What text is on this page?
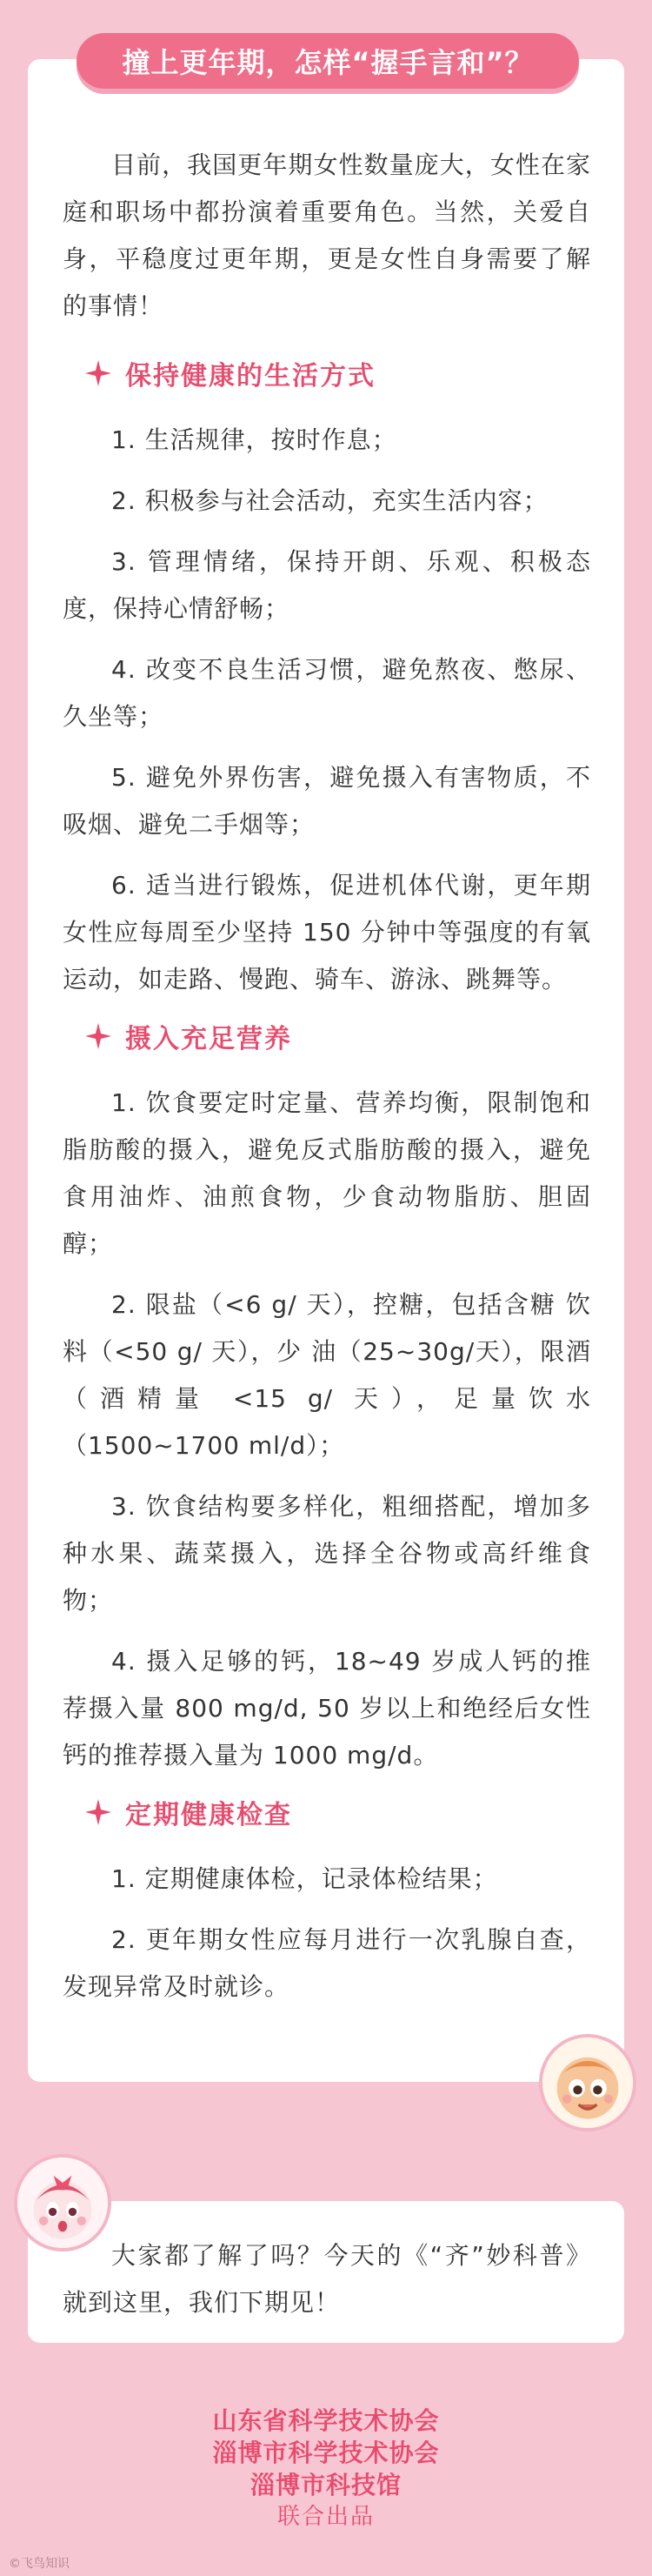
撞上更年期，怎样“握手言和”？

目前，我国更年期女性数量庞大，女性在家庭和职场中都扮演着重要角色。当然，关爱自身，平稳度过更年期，更是女性自身需要了解的事情！

保持健康的生活方式

1. 生活规律，按时作息；

2. 积极参与社会活动，充实生活内容；

3. 管理情绪，保持开朗、乐观、积极态度，保持心情舒畅；

4. 改变不良生活习惯，避免熬夜、憋尿、久坐等；

5. 避免外界伤害，避免摄入有害物质，不吸烟、避免二手烟等；

6. 适当进行锻炼，促进机体代谢，更年期女性应每周至少坚持 150 分钟中等强度的有氧运动，如走路、慢跑、骑车、游泳、跳舞等。

摄入充足营养

1. 饮食要定时定量、营养均衡，限制饱和脂肪酸的摄入，避免反式脂肪酸的摄入，避免食用油炸、油煎食物，少食动物脂肪、胆固醇；

2. 限盐（<6 g/ 天），控糖，包括含糖 饮 料（<50 g/ 天），少 油（25~30g/天），限酒（酒精量 <15 g/ 天），足量饮水（1500~1700 ml/d）；

3. 饮食结构要多样化，粗细搭配，增加多种水果、蔬菜摄入，选择全谷物或高纤维食物；

4. 摄入足够的钙，18~49 岁成人钙的推荐摄入量 800 mg/d, 50 岁以上和绝经后女性钙的推荐摄入量为 1000 mg/d。

定期健康检查

1. 定期健康体检，记录体检结果；

2. 更年期女性应每月进行一次乳腺自查，发现异常及时就诊。

大家都了解了吗？今天的《“齐”妙科普》就到这里，我们下期见！

山东省科学技术协会
淄博市科学技术协会
淄博市科技馆
联合出品
©飞鸟知识
